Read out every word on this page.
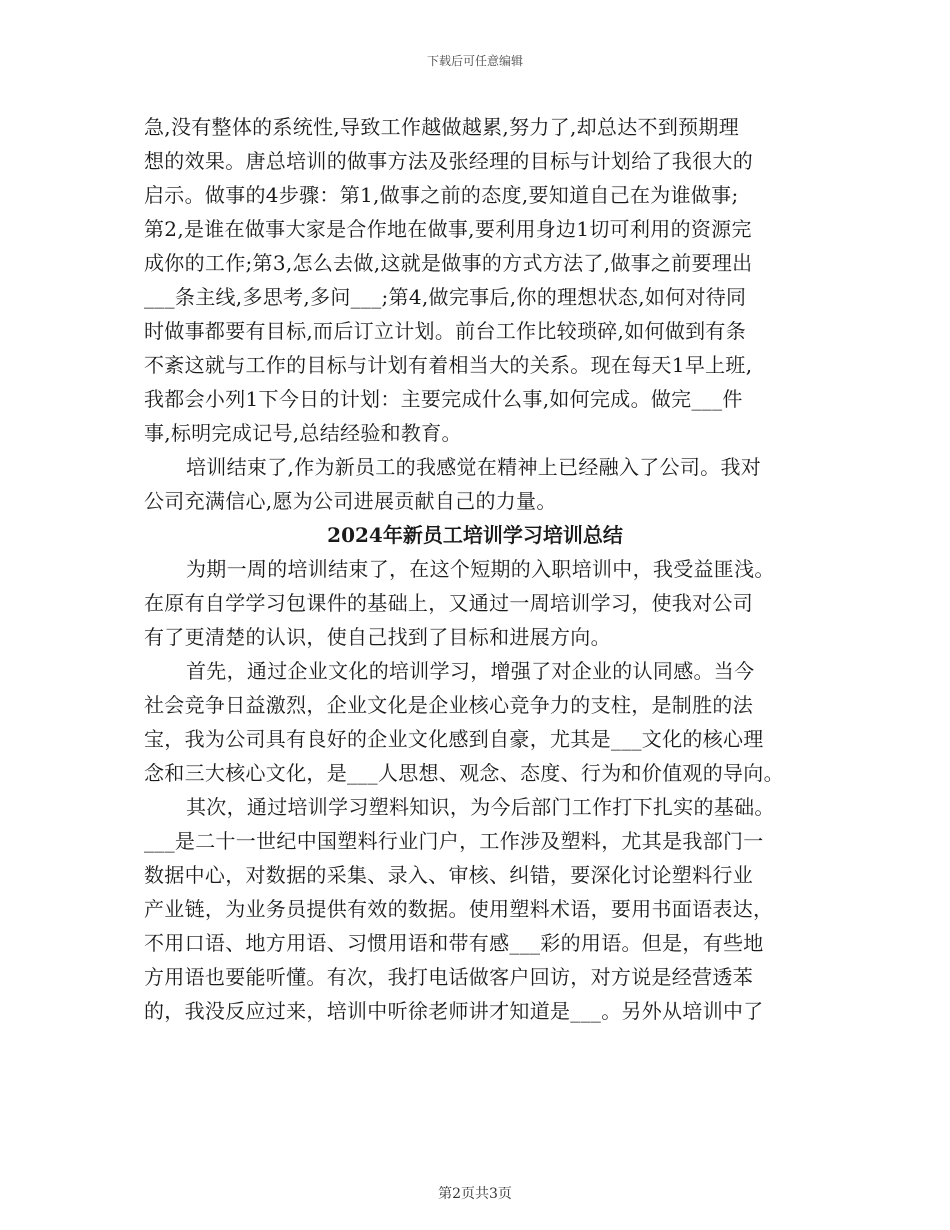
下载后可任意编辑
急,没有整体的系统性,导致工作越做越累,努力了,却总达不到预期理
想的效果。唐总培训的做事方法及张经理的目标与计划给了我很大的
启示。做事的4步骤：第1,做事之前的态度,要知道自己在为谁做事;
第2,是谁在做事大家是合作地在做事,要利用身边1切可利用的资源完
成你的工作;第3,怎么去做,这就是做事的方式方法了,做事之前要理出
___条主线,多思考,多问___;第4,做完事后,你的理想状态,如何对待同
时做事都要有目标,而后订立计划。前台工作比较琐碎,如何做到有条
不紊这就与工作的目标与计划有着相当大的关系。现在每天1早上班,
我都会小列1下今日的计划：主要完成什么事,如何完成。做完___件
事,标明完成记号,总结经验和教育。
培训结束了,作为新员工的我感觉在精神上已经融入了公司。我对
公司充满信心,愿为公司进展贡献自己的力量。
2024年新员工培训学习培训总结
为期一周的培训结束了，在这个短期的入职培训中，我受益匪浅。
在原有自学学习包课件的基础上，又通过一周培训学习，使我对公司
有了更清楚的认识，使自己找到了目标和进展方向。
首先，通过企业文化的培训学习，增强了对企业的认同感。当今
社会竞争日益激烈，企业文化是企业核心竞争力的支柱，是制胜的法
宝，我为公司具有良好的企业文化感到自豪，尤其是___文化的核心理
念和三大核心文化，是___人思想、观念、态度、行为和价值观的导向。
其次，通过培训学习塑料知识，为今后部门工作打下扎实的基础。
___是二十一世纪中国塑料行业门户，工作涉及塑料，尤其是我部门一
数据中心，对数据的采集、录入、审核、纠错，要深化讨论塑料行业
产业链，为业务员提供有效的数据。使用塑料术语，要用书面语表达，
不用口语、地方用语、习惯用语和带有感___彩的用语。但是，有些地
方用语也要能听懂。有次，我打电话做客户回访，对方说是经营透苯
的，我没反应过来，培训中听徐老师讲才知道是___。另外从培训中了
第2页共3页
